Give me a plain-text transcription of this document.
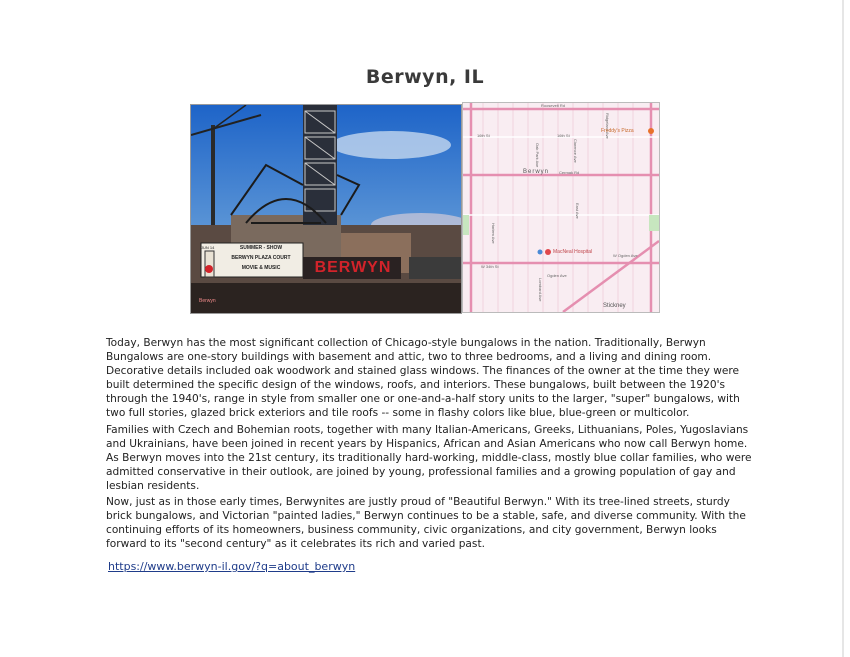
Berwyn, IL
BERWYN
SUMMER - SHOW
BERWYN PLAZA COURT
MOVIE & MUSIC
JUN 14
Berwyn
Roosevelt Rd
Berwyn Cermak Rd
16th St	16th St
W 34th St
Ogden Ave
W Ogden Ave
Harlem Ave
Oak Park Ave
East Ave
Ridgeland Ave
Clarence Ave
Lombard Ave
Freddy's Pizza
MacNeal Hospital
Stickney
Today, Berwyn has the most significant collection of Chicago-style bungalows in the nation. Traditionally, Berwyn Bungalows are one-story buildings with basement and attic, two to three bedrooms, and a living and dining room. Decorative details included oak woodwork and stained glass windows. The finances of the owner at the time they were built determined the specific design of the windows, roofs, and interiors. These bungalows, built between the 1920's through the 1940's, range in style from smaller one or one-and-a-half story units to the larger, "super" bungalows, with two full stories, glazed brick exteriors and tile roofs -- some in flashy colors like blue, blue-green or multicolor.
Families with Czech and Bohemian roots, together with many Italian-Americans, Greeks, Lithuanians, Poles, Yugoslavians and Ukrainians, have been joined in recent years by Hispanics, African and Asian Americans who now call Berwyn home. As Berwyn moves into the 21st century, its traditionally hard-working, middle-class, mostly blue collar families, who were admitted conservative in their outlook, are joined by young, professional families and a growing population of gay and lesbian residents.
Now, just as in those early times, Berwynites are justly proud of "Beautiful Berwyn." With its tree-lined streets, sturdy brick bungalows, and Victorian "painted ladies," Berwyn continues to be a stable, safe, and diverse community. With the continuing efforts of its homeowners, business community, civic organizations, and city government, Berwyn looks forward to its "second century" as it celebrates its rich and varied past.
https://www.berwyn-il.gov/?q=about_berwyn
